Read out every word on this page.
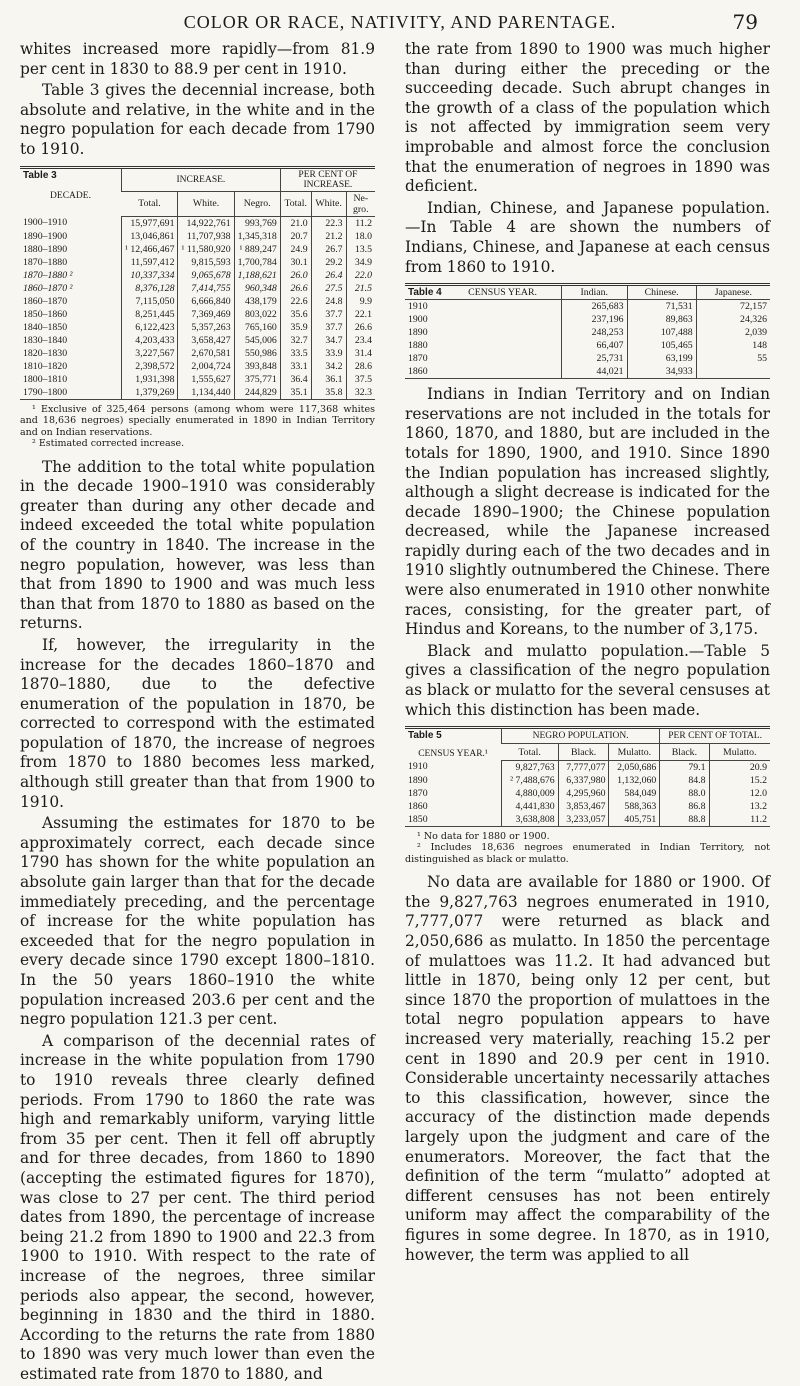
COLOR OR RACE, NATIVITY, AND PARENTAGE.	79

whites increased more rapidly—from 81.9 per cent in 1830 to 88.9 per cent in 1910.

Table 3 gives the decennial increase, both absolute and relative, in the white and in the negro population for each decade from 1790 to 1910.

Table 3
DECADE.	INCREASE.			PER CENT OF INCREASE.		
	Total.	White.	Negro.	Total.	White.	Ne-gro.
1900–1910	15,977,691	14,922,761	993,769	21.0	22.3	11.2
1890–1900	13,046,861	11,707,938	1,345,318	20.7	21.2	18.0
1880–1890	¹ 12,466,467	¹ 11,580,920	¹ 889,247	24.9	26.7	13.5
1870–1880	11,597,412	9,815,593	1,700,784	30.1	29.2	34.9
1870–1880 ²	10,337,334	9,065,678	1,188,621	26.0	26.4	22.0
1860–1870 ²	8,376,128	7,414,755	960,348	26.6	27.5	21.5
1860–1870	7,115,050	6,666,840	438,179	22.6	24.8	9.9
1850–1860	8,251,445	7,369,469	803,022	35.6	37.7	22.1
1840–1850	6,122,423	5,357,263	765,160	35.9	37.7	26.6
1830–1840	4,203,433	3,658,427	545,006	32.7	34.7	23.4
1820–1830	3,227,567	2,670,581	550,986	33.5	33.9	31.4
1810–1820	2,398,572	2,004,724	393,848	33.1	34.2	28.6
1800–1810	1,931,398	1,555,627	375,771	36.4	36.1	37.5
1790–1800	1,379,269	1,134,440	244,829	35.1	35.8	32.3

¹ Exclusive of 325,464 persons (among whom were 117,368 whites and 18,636 negroes) specially enumerated in 1890 in Indian Territory and on Indian reservations.

² Estimated corrected increase.

The addition to the total white population in the decade 1900–1910 was considerably greater than during any other decade and indeed exceeded the total white population of the country in 1840. The increase in the negro population, however, was less than that from 1890 to 1900 and was much less than that from 1870 to 1880 as based on the returns.

If, however, the irregularity in the increase for the decades 1860–1870 and 1870–1880, due to the defective enumeration of the population in 1870, be corrected to correspond with the estimated population of 1870, the increase of negroes from 1870 to 1880 becomes less marked, although still greater than that from 1900 to 1910.

Assuming the estimates for 1870 to be approximately correct, each decade since 1790 has shown for the white population an absolute gain larger than that for the decade immediately preceding, and the percentage of increase for the white population has exceeded that for the negro population in every decade since 1790 except 1800–1810. In the 50 years 1860–1910 the white population increased 203.6 per cent and the negro population 121.3 per cent.

A comparison of the decennial rates of increase in the white population from 1790 to 1910 reveals three clearly defined periods. From 1790 to 1860 the rate was high and remarkably uniform, varying little from 35 per cent. Then it fell off abruptly and for three decades, from 1860 to 1890 (accepting the estimated figures for 1870), was close to 27 per cent. The third period dates from 1890, the percentage of increase being 21.2 from 1890 to 1900 and 22.3 from 1900 to 1910. With respect to the rate of increase of the negroes, three similar periods also appear, the second, however, beginning in 1830 and the third in 1880. According to the returns the rate from 1880 to 1890 was very much lower than even the estimated rate from 1870 to 1880, and

the rate from 1890 to 1900 was much higher than during either the preceding or the succeeding decade. Such abrupt changes in the growth of a class of the population which is not affected by immigration seem very improbable and almost force the conclusion that the enumeration of negroes in 1890 was deficient.

Indian, Chinese, and Japanese population.—In Table 4 are shown the numbers of Indians, Chinese, and Japanese at each census from 1860 to 1910.

Table 4 CENSUS YEAR.	Indian.	Chinese.	Japanese.
1910	265,683	71,531	72,157
1900	237,196	89,863	24,326
1890	248,253	107,488	2,039
1880	66,407	105,465	148
1870	25,731	63,199	55
1860	44,021	34,933	

Indians in Indian Territory and on Indian reservations are not included in the totals for 1860, 1870, and 1880, but are included in the totals for 1890, 1900, and 1910. Since 1890 the Indian population has increased slightly, although a slight decrease is indicated for the decade 1890–1900; the Chinese population decreased, while the Japanese increased rapidly during each of the two decades and in 1910 slightly outnumbered the Chinese. There were also enumerated in 1910 other nonwhite races, consisting, for the greater part, of Hindus and Koreans, to the number of 3,175.

Black and mulatto population.—Table 5 gives a classification of the negro population as black or mulatto for the several censuses at which this distinction has been made.

Table 5
CENSUS YEAR.¹	NEGRO POPULATION.			PER CENT OF TOTAL.	
	Total.	Black.	Mulatto.	Black.	Mulatto.
1910	9,827,763	7,777,077	2,050,686	79.1	20.9
1890	² 7,488,676	6,337,980	1,132,060	84.8	15.2
1870	4,880,009	4,295,960	584,049	88.0	12.0
1860	4,441,830	3,853,467	588,363	86.8	13.2
1850	3,638,808	3,233,057	405,751	88.8	11.2

¹ No data for 1880 or 1900.

² Includes 18,636 negroes enumerated in Indian Territory, not distinguished as black or mulatto.

No data are available for 1880 or 1900. Of the 9,827,763 negroes enumerated in 1910, 7,777,077 were returned as black and 2,050,686 as mulatto. In 1850 the percentage of mulattoes was 11.2. It had advanced but little in 1870, being only 12 per cent, but since 1870 the proportion of mulattoes in the total negro population appears to have increased very materially, reaching 15.2 per cent in 1890 and 20.9 per cent in 1910. Considerable uncertainty necessarily attaches to this classification, however, since the accuracy of the distinction made depends largely upon the judgment and care of the enumerators. Moreover, the fact that the definition of the term “mulatto” adopted at different censuses has not been entirely uniform may affect the comparability of the figures in some degree. In 1870, as in 1910, however, the term was applied to all
